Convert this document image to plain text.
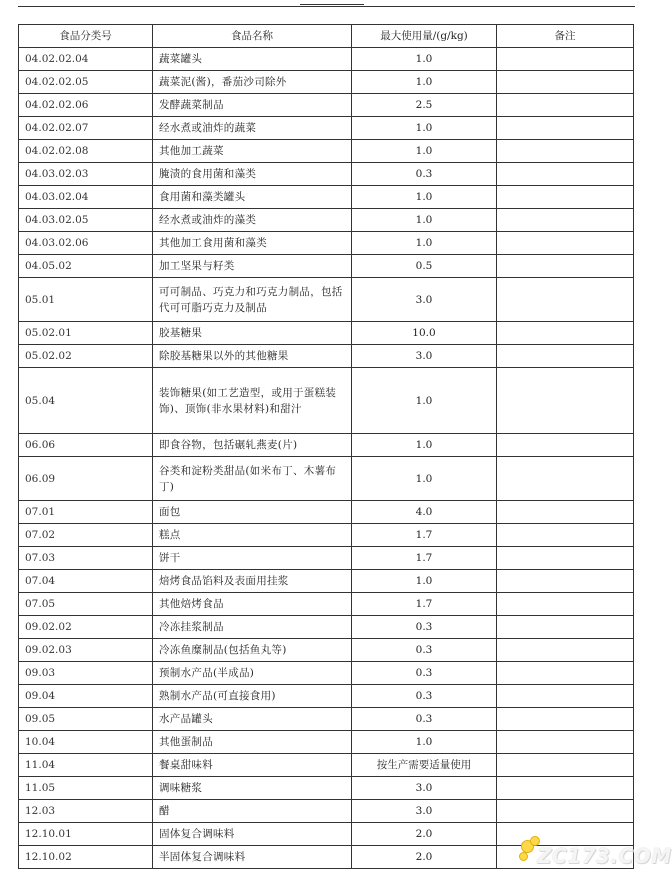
食品分类号	食品名称	最大使用量/(g/kg)	备注
04.02.02.04	蔬菜罐头	1.0	
04.02.02.05	蔬菜泥(酱)，番茄沙司除外	1.0	
04.02.02.06	发酵蔬菜制品	2.5	
04.02.02.07	经水煮或油炸的蔬菜	1.0	
04.02.02.08	其他加工蔬菜	1.0	
04.03.02.03	腌渍的食用菌和藻类	0.3	
04.03.02.04	食用菌和藻类罐头	1.0	
04.03.02.05	经水煮或油炸的藻类	1.0	
04.03.02.06	其他加工食用菌和藻类	1.0	
04.05.02	加工坚果与籽类	0.5	
05.01	可可制品、巧克力和巧克力制品，包括代可可脂巧克力及制品	3.0	
05.02.01	胶基糖果	10.0	
05.02.02	除胶基糖果以外的其他糖果	3.0	
05.04	装饰糖果(如工艺造型，或用于蛋糕装饰)、顶饰(非水果材料)和甜汁	1.0	
06.06	即食谷物，包括碾轧燕麦(片)	1.0	
06.09	谷类和淀粉类甜品(如米布丁、木薯布丁)	1.0	
07.01	面包	4.0	
07.02	糕点	1.7	
07.03	饼干	1.7	
07.04	焙烤食品馅料及表面用挂浆	1.0	
07.05	其他焙烤食品	1.7	
09.02.02	冷冻挂浆制品	0.3	
09.02.03	冷冻鱼糜制品(包括鱼丸等)	0.3	
09.03	预制水产品(半成品)	0.3	
09.04	熟制水产品(可直接食用)	0.3	
09.05	水产品罐头	0.3	
10.04	其他蛋制品	1.0	
11.04	餐桌甜味料	按生产需要适量使用	
11.05	调味糖浆	3.0	
12.03	醋	3.0	
12.10.01	固体复合调味料	2.0	
12.10.02	半固体复合调味料	2.0		ZC173.COM
